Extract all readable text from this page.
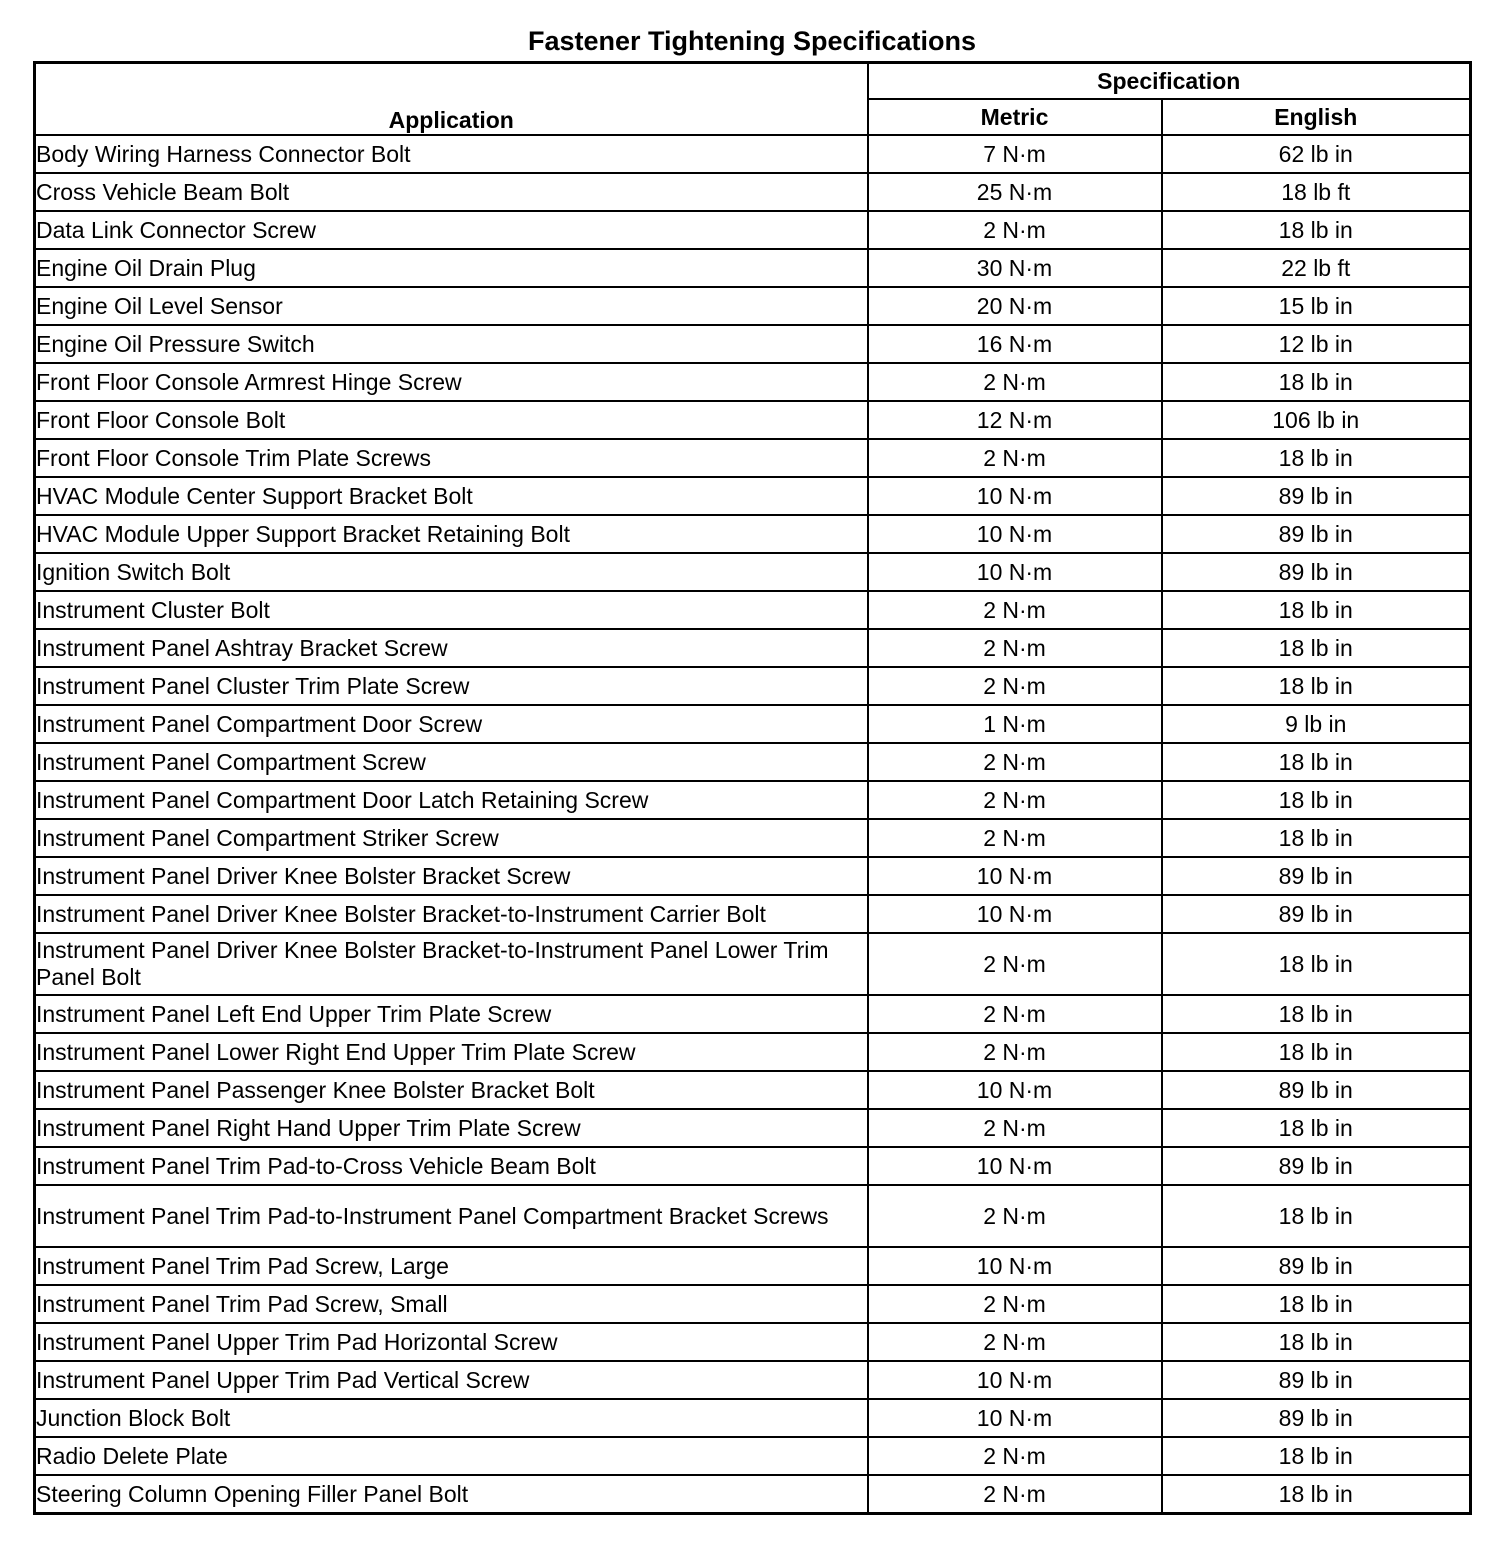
Fastener Tightening Specifications
Application	Specification	
	Metric	English
Body Wiring Harness Connector Bolt	7 N·m	62 lb in
Cross Vehicle Beam Bolt	25 N·m	18 lb ft
Data Link Connector Screw	2 N·m	18 lb in
Engine Oil Drain Plug	30 N·m	22 lb ft
Engine Oil Level Sensor	20 N·m	15 lb in
Engine Oil Pressure Switch	16 N·m	12 lb in
Front Floor Console Armrest Hinge Screw	2 N·m	18 lb in
Front Floor Console Bolt	12 N·m	106 lb in
Front Floor Console Trim Plate Screws	2 N·m	18 lb in
HVAC Module Center Support Bracket Bolt	10 N·m	89 lb in
HVAC Module Upper Support Bracket Retaining Bolt	10 N·m	89 lb in
Ignition Switch Bolt	10 N·m	89 lb in
Instrument Cluster Bolt	2 N·m	18 lb in
Instrument Panel Ashtray Bracket Screw	2 N·m	18 lb in
Instrument Panel Cluster Trim Plate Screw	2 N·m	18 lb in
Instrument Panel Compartment Door Screw	1 N·m	9 lb in
Instrument Panel Compartment Screw	2 N·m	18 lb in
Instrument Panel Compartment Door Latch Retaining Screw	2 N·m	18 lb in
Instrument Panel Compartment Striker Screw	2 N·m	18 lb in
Instrument Panel Driver Knee Bolster Bracket Screw	10 N·m	89 lb in
Instrument Panel Driver Knee Bolster Bracket-to-Instrument Carrier Bolt	10 N·m	89 lb in
Instrument Panel Driver Knee Bolster Bracket-to-Instrument Panel Lower Trim Panel Bolt	2 N·m	18 lb in
Instrument Panel Left End Upper Trim Plate Screw	2 N·m	18 lb in
Instrument Panel Lower Right End Upper Trim Plate Screw	2 N·m	18 lb in
Instrument Panel Passenger Knee Bolster Bracket Bolt	10 N·m	89 lb in
Instrument Panel Right Hand Upper Trim Plate Screw	2 N·m	18 lb in
Instrument Panel Trim Pad-to-Cross Vehicle Beam Bolt	10 N·m	89 lb in
Instrument Panel Trim Pad-to-Instrument Panel Compartment Bracket Screws	2 N·m	18 lb in
Instrument Panel Trim Pad Screw, Large	10 N·m	89 lb in
Instrument Panel Trim Pad Screw, Small	2 N·m	18 lb in
Instrument Panel Upper Trim Pad Horizontal Screw	2 N·m	18 lb in
Instrument Panel Upper Trim Pad Vertical Screw	10 N·m	89 lb in
Junction Block Bolt	10 N·m	89 lb in
Radio Delete Plate	2 N·m	18 lb in
Steering Column Opening Filler Panel Bolt	2 N·m	18 lb in
